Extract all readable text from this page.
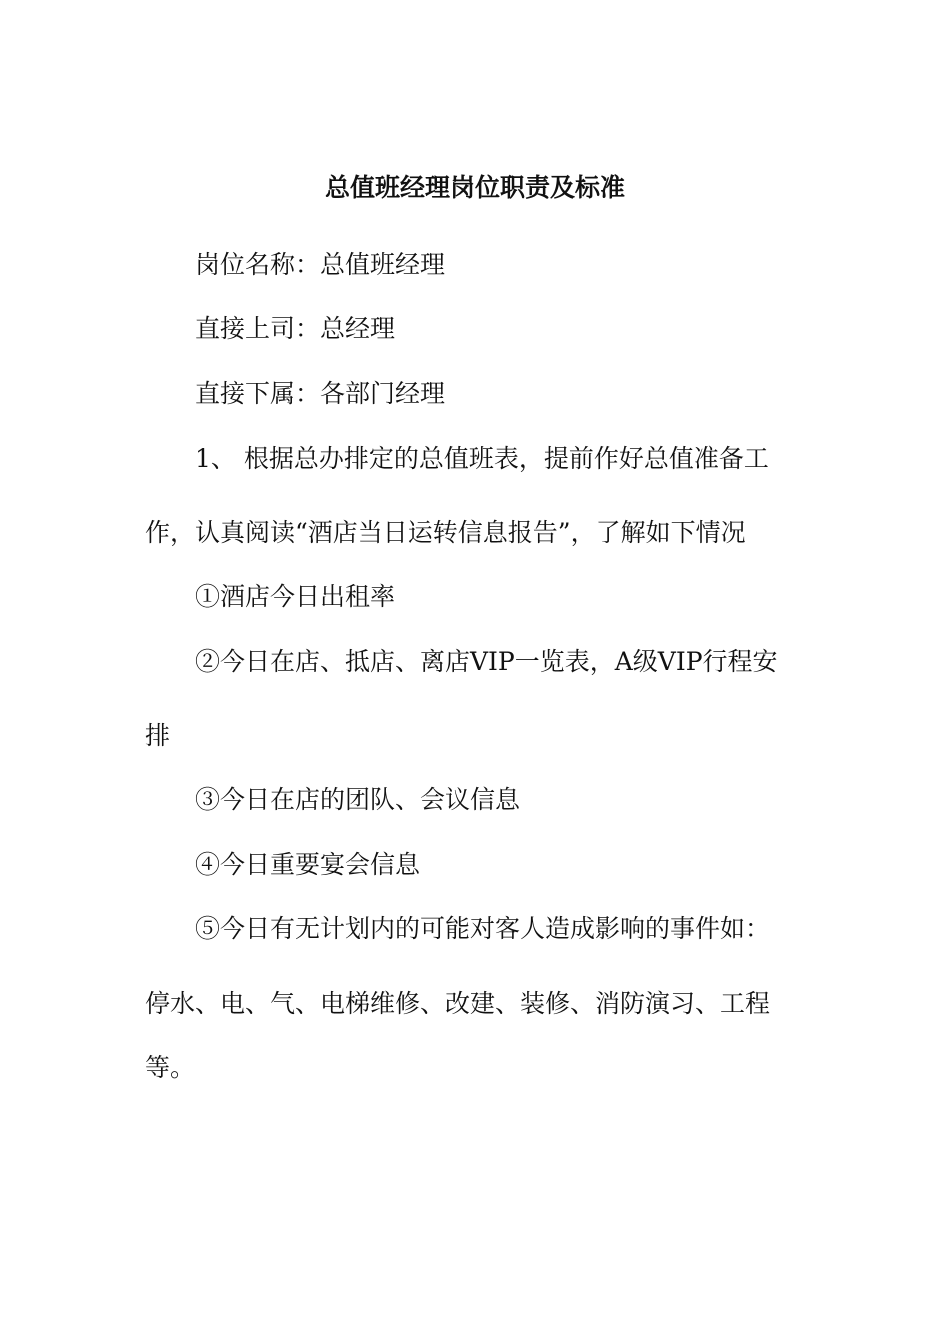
总值班经理岗位职责及标准
岗位名称：总值班经理
直接上司：总经理
直接下属：各部门经理
1、 根据总办排定的总值班表，提前作好总值准备工
作，认真阅读“酒店当日运转信息报告”，了解如下情况
①酒店今日出租率
②今日在店、抵店、离店VIP一览表，A级VIP行程安
排
③今日在店的团队、会议信息
④今日重要宴会信息
⑤今日有无计划内的可能对客人造成影响的事件如：
停水、电、气、电梯维修、改建、装修、消防演习、工程
等。
